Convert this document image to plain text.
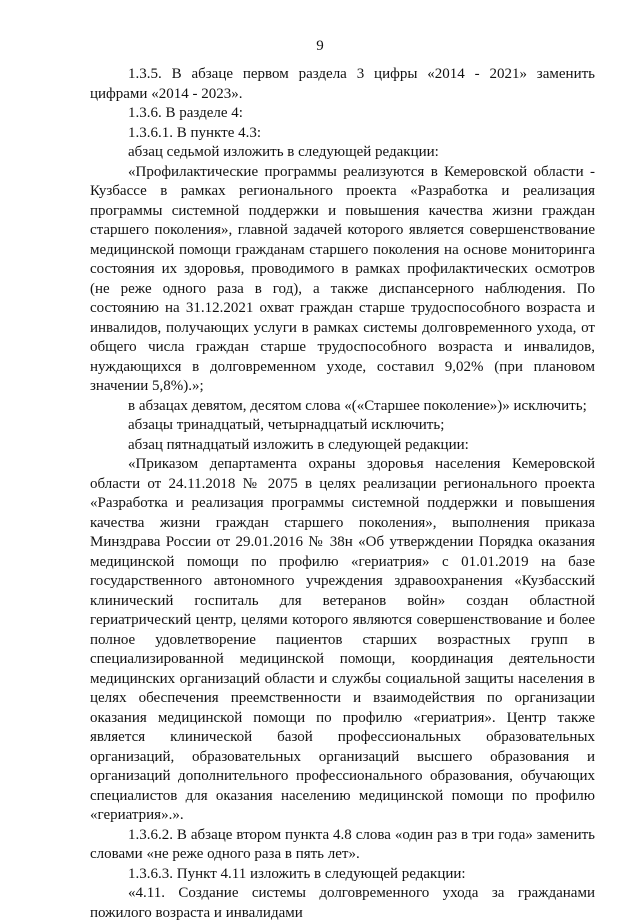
9

1.3.5. В абзаце первом раздела 3 цифры «2014 - 2021» заменить цифрами «2014 - 2023».

1.3.6. В разделе 4:

1.3.6.1. В пункте 4.3:

абзац седьмой изложить в следующей редакции:

«Профилактические программы реализуются в Кемеровской области - Кузбассе в рамках регионального проекта «Разработка и реализация программы системной поддержки и повышения качества жизни граждан старшего поколения», главной задачей которого является совершенствование медицинской помощи гражданам старшего поколения на основе мониторинга состояния их здоровья, проводимого в рамках профилактических осмотров (не реже одного раза в год), а также диспансерного наблюдения. По состоянию на 31.12.2021 охват граждан старше трудоспособного возраста и инвалидов, получающих услуги в рамках системы долговременного ухода, от общего числа граждан старше трудоспособного возраста и инвалидов, нуждающихся в долговременном уходе, составил 9,02% (при плановом значении 5,8%).»;

в абзацах девятом, десятом слова «(«Старшее поколение»)» исключить;

абзацы тринадцатый, четырнадцатый исключить;

абзац пятнадцатый изложить в следующей редакции:

«Приказом департамента охраны здоровья населения Кемеровской области от 24.11.2018 № 2075 в целях реализации регионального проекта «Разработка и реализация программы системной поддержки и повышения качества жизни граждан старшего поколения», выполнения приказа Минздрава России от 29.01.2016 № 38н «Об утверждении Порядка оказания медицинской помощи по профилю «гериатрия» с 01.01.2019 на базе государственного автономного учреждения здравоохранения «Кузбасский клинический госпиталь для ветеранов войн» создан областной гериатрический центр, целями которого являются совершенствование и более полное удовлетворение пациентов старших возрастных групп в специализированной медицинской помощи, координация деятельности медицинских организаций области и службы социальной защиты населения в целях обеспечения преемственности и взаимодействия по организации оказания медицинской помощи по профилю «гериатрия». Центр также является клинической базой профессиональных образовательных организаций, образовательных организаций высшего образования и организаций дополнительного профессионального образования, обучающих специалистов для оказания населению медицинской помощи по профилю «гериатрия».».

1.3.6.2. В абзаце втором пункта 4.8 слова «один раз в три года» заменить словами «не реже одного раза в пять лет».

1.3.6.3. Пункт 4.11 изложить в следующей редакции:

«4.11. Создание системы долговременного ухода за гражданами пожилого возраста и инвалидами
